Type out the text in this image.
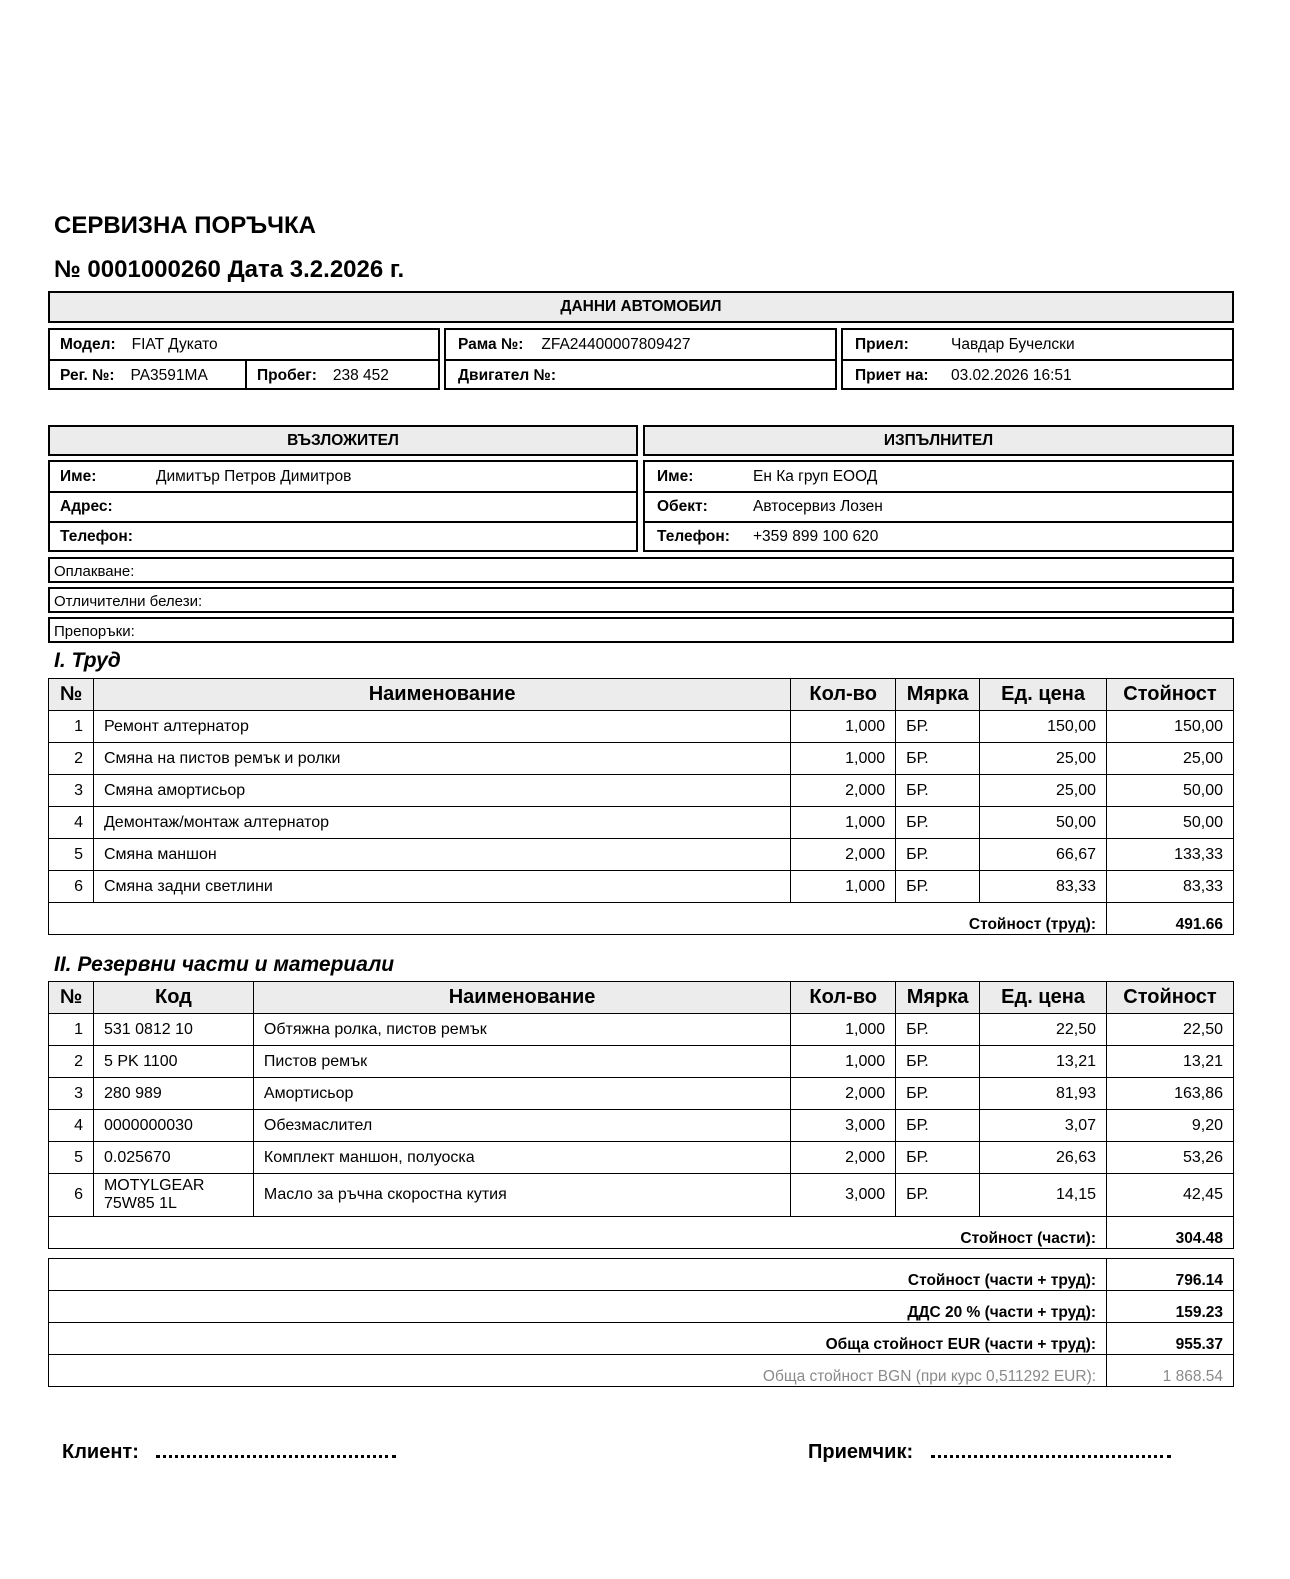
СЕРВИЗНА ПОРЪЧКА
№ 0001000260 Дата 3.2.2026 г.
ДАННИ АВТОМОБИЛ
Модел: FIAT Дукато
Рег. №: PA3591MA	Пробег: 238 452
Рама №: ZFA24400007809427
Двигател №:
Приел:	Чавдар Бучелски
Приет на:	03.02.2026 16:51
ВЪЗЛОЖИТЕЛ	ИЗПЪЛНИТЕЛ
Име:	Димитър Петров Димитров
Адрес:
Телефон:
Име:	Ен Ка груп ЕООД
Обект:	Автосервиз Лозен
Телефон:	+359 899 100 620
Оплакване:
Отличителни белези:
Препоръки:
I. Труд
№	Наименование	Кол-во	Мярка	Ед. цена	Стойност
1	Ремонт алтернатор	1,000	БР.	150,00	150,00
2	Смяна на пистов ремък и ролки	1,000	БР.	25,00	25,00
3	Смяна амортисьор	2,000	БР.	25,00	50,00
4	Демонтаж/монтаж алтернатор	1,000	БР.	50,00	50,00
5	Смяна маншон	2,000	БР.	66,67	133,33
6	Смяна задни светлини	1,000	БР.	83,33	83,33
Стойност (труд):					491.66
II. Резервни части и материали
№	Код	Наименование	Кол-во	Мярка	Ед. цена	Стойност
1	531 0812 10	Обтяжна ролка, пистов ремък	1,000	БР.	22,50	22,50
2	5 PK 1100	Пистов ремък	1,000	БР.	13,21	13,21
3	280 989	Амортисьор	2,000	БР.	81,93	163,86
4	0000000030	Обезмаслител	3,000	БР.	3,07	9,20
5	0.025670	Комплект маншон, полуоска	2,000	БР.	26,63	53,26
6	MOTYLGEAR 75W85 1L	Масло за ръчна скоростна кутия	3,000	БР.	14,15	42,45
Стойност (части):						304.48
Стойност (части + труд):	796.14
ДДС 20 % (части + труд):	159.23
Обща стойност EUR (части + труд):	955.37
Обща стойност BGN (при курс 0,511292 EUR):	1 868.54
Клиент:	Приемчик:
